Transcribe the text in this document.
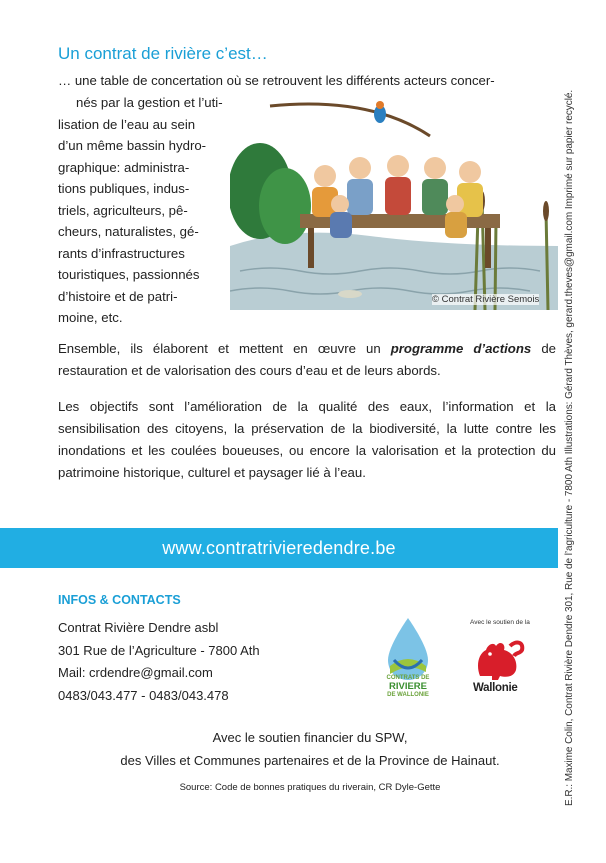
Un contrat de rivière c’est…

… une table de concertation où se retrouvent les différents acteurs concer-

nés par la gestion et l’uti-
lisation de l’eau au sein
d’un même bassin hydro-
graphique: administra-
tions publiques, indus-
triels, agriculteurs, pê-
cheurs, naturalistes, gé-
rants d’infrastructures
touristiques, passionnés
d’histoire et de patri-
moine, etc.

© Contrat Rivière Semois

Ensemble, ils élaborent et mettent en œuvre un programme d’actions de restauration et de valorisation des cours d’eau et de leurs abords.

Les objectifs sont l’amélioration de la qualité des eaux, l’information et la sensibilisation des citoyens, la préservation de la biodiversité, la lutte contre les inondations et les coulées boueuses, ou encore la valorisation et la protection du patrimoine historique, culturel et paysager lié à l’eau.

www.contratrivieredendre.be
INFOS & CONTACTS
Contrat Rivière Dendre asbl
301 Rue de l’Agriculture - 7800 Ath
Mail: crdendre@gmail.com
0483/043.477 - 0483/043.478
CONTRATS DE
RIVIERE
DE WALLONIE
Avec le soutien de la
Wallonie
Avec le soutien financier du SPW,
des Villes et Communes partenaires et de la Province de Hainaut.

Source: Code de bonnes pratiques du riverain, CR Dyle-Gette	E.R.: Maxime Colin, Contrat Rivière Dendre 301, Rue de l’agriculture - 7800 Ath Illustrations: Gérard Thèves, gerard.theves@gmail.com Imprimé sur papier recyclé.
